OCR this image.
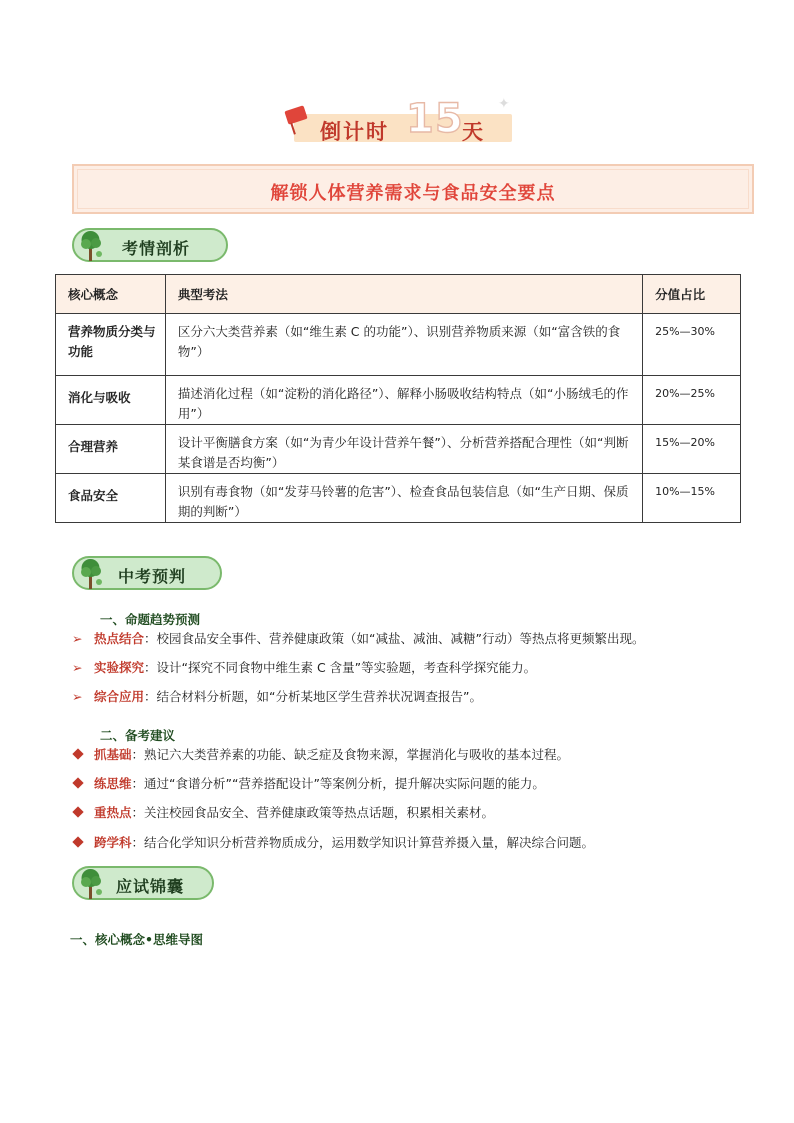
倒计时 15
天
✦
解锁人体营养需求与食品安全要点
考情剖析
核心概念	典型考法	分值占比
营养物质分类与功能	区分六大类营养素（如“维生素 C 的功能”）、识别营养物质来源（如“富含铁的食物”）	25%—30%
消化与吸收	描述消化过程（如“淀粉的消化路径”）、解释小肠吸收结构特点（如“小肠绒毛的作用”）	20%—25%
合理营养	设计平衡膳食方案（如“为青少年设计营养午餐”）、分析营养搭配合理性（如“判断某食谱是否均衡”）	15%—20%
食品安全	识别有毒食物（如“发芽马铃薯的危害”）、检查食品包装信息（如“生产日期、保质期的判断”）	10%—15%
中考预判
一、命题趋势预测
➢ 热点结合：校园食品安全事件、营养健康政策（如“减盐、减油、减糖”行动）等热点将更频繁出现。
➢ 实验探究：设计“探究不同食物中维生素 C 含量”等实验题，考查科学探究能力。
➢ 综合应用：结合材料分析题，如“分析某地区学生营养状况调查报告”。
二、备考建议
抓基础：熟记六大类营养素的功能、缺乏症及食物来源，掌握消化与吸收的基本过程。
练思维：通过“食谱分析”“营养搭配设计”等案例分析，提升解决实际问题的能力。
重热点：关注校园食品安全、营养健康政策等热点话题，积累相关素材。
跨学科：结合化学知识分析营养物质成分，运用数学知识计算营养摄入量，解决综合问题。
应试锦囊
一、核心概念•思维导图
